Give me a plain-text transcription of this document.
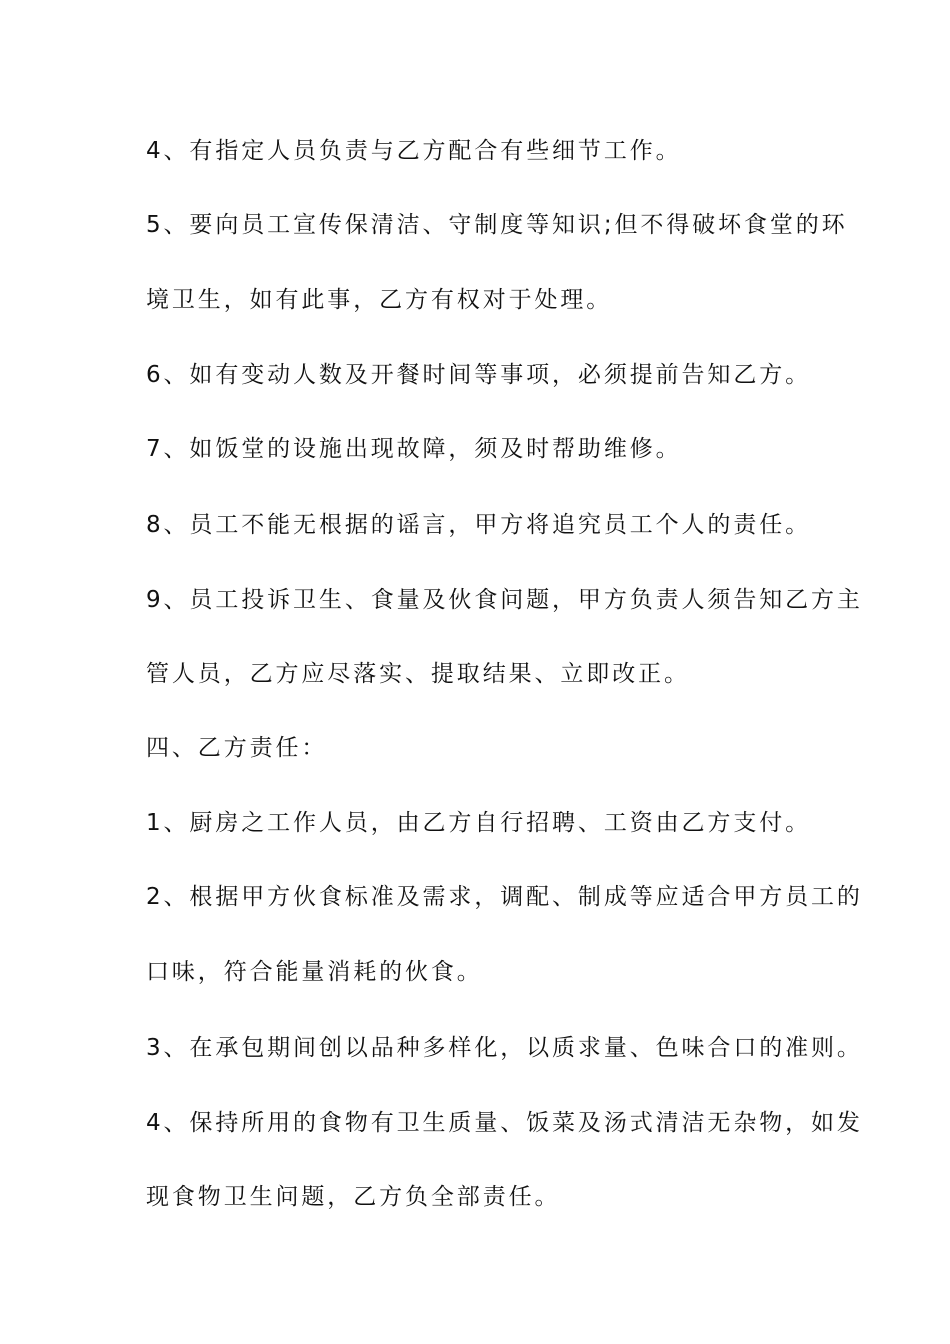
4、有指定人员负责与乙方配合有些细节工作。
5、要向员工宣传保清洁、守制度等知识;但不得破坏食堂的环
境卫生，如有此事，乙方有权对于处理。
6、如有变动人数及开餐时间等事项，必须提前告知乙方。
7、如饭堂的设施出现故障，须及时帮助维修。
8、员工不能无根据的谣言，甲方将追究员工个人的责任。
9、员工投诉卫生、食量及伙食问题，甲方负责人须告知乙方主
管人员，乙方应尽落实、提取结果、立即改正。
四、乙方责任：
1、厨房之工作人员，由乙方自行招聘、工资由乙方支付。
2、根据甲方伙食标准及需求，调配、制成等应适合甲方员工的
口味，符合能量消耗的伙食。
3、在承包期间创以品种多样化，以质求量、色味合口的准则。
4、保持所用的食物有卫生质量、饭菜及汤式清洁无杂物，如发
现食物卫生问题，乙方负全部责任。
